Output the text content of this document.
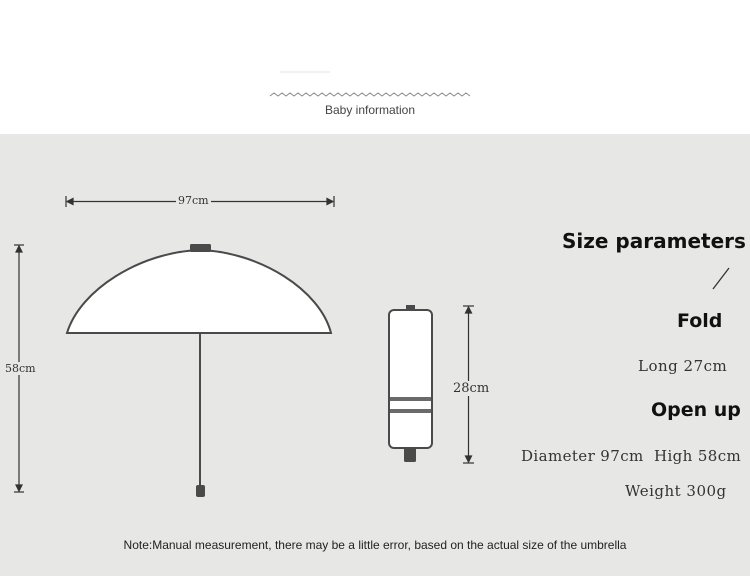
Baby information
97cm
58cm
28cm
Size parameters
Fold
Long 27cm
Open up
Diameter 97cm  High 58cm
Weight 300g
Note:Manual measurement, there may be a little error, based on the actual size of the umbrella
